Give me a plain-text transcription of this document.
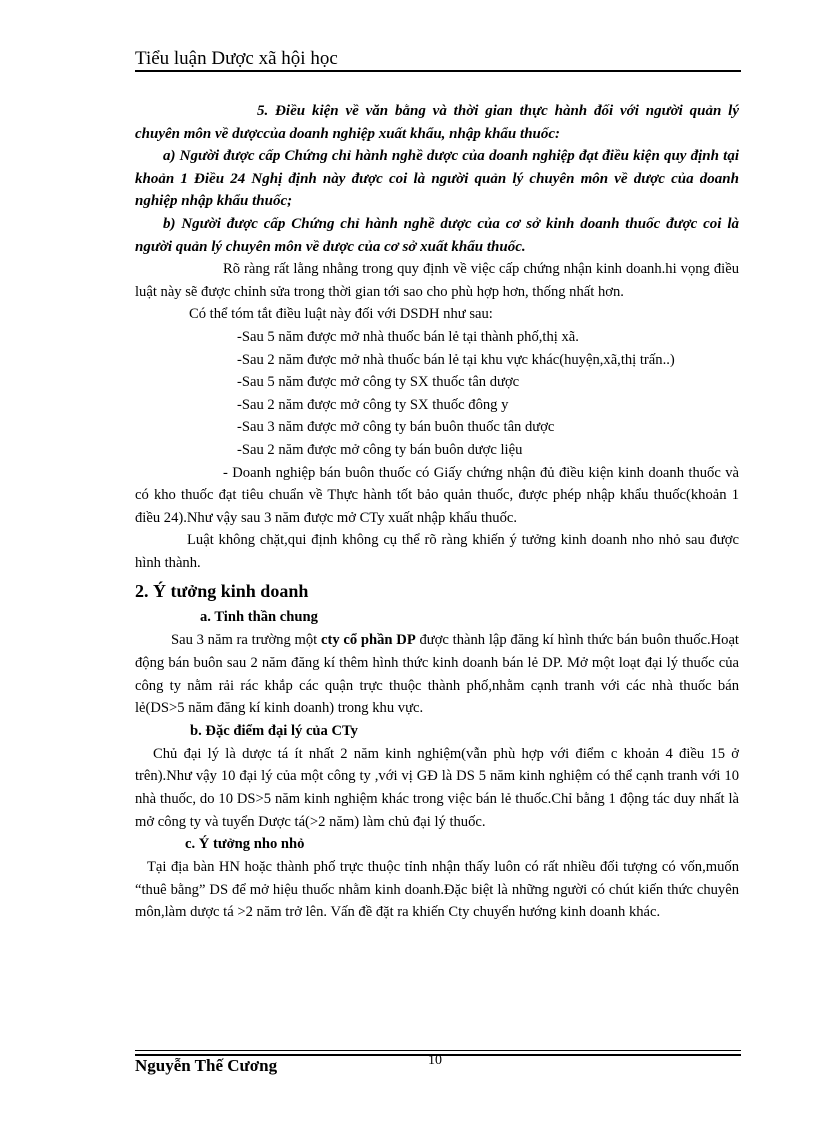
Tiểu luận Dược xã hội học

5. Điều kiện về văn bằng và thời gian thực hành đối với người quản lý chuyên môn về dượccủa doanh nghiệp xuất khẩu, nhập khẩu thuốc:

a) Người được cấp Chứng chỉ hành nghề dược của doanh nghiệp đạt điều kiện quy định tại khoản 1 Điều 24 Nghị định này được coi là người quản lý chuyên môn về dược của doanh nghiệp nhập khẩu thuốc;

b) Người được cấp Chứng chỉ hành nghề dược của cơ sở kinh doanh thuốc được coi là người quản lý chuyên môn về dược của cơ sở xuất khẩu thuốc.

Rõ ràng rất lằng nhằng trong quy định về việc cấp chứng nhận kinh doanh.hi vọng điều luật này sẽ được chỉnh sửa trong thời gian tới sao cho phù hợp hơn, thống nhất hơn.

Có thể tóm tắt điều luật này đối với DSDH như sau:

-Sau 5 năm được mở nhà thuốc bán lẻ tại thành phố,thị xã.

-Sau 2 năm được mở nhà thuốc bán lẻ tại khu vực khác(huyện,xã,thị trấn..)

-Sau 5 năm được mở công ty SX thuốc tân dược

-Sau 2 năm được mở công ty SX thuốc đông y

-Sau 3 năm được mở công ty bán buôn thuốc tân dược

-Sau 2 năm được mở công ty bán buôn dược liệu

- Doanh nghiệp bán buôn thuốc có Giấy chứng nhận đủ điều kiện kinh doanh thuốc và có kho thuốc đạt tiêu chuẩn về Thực hành tốt bảo quản thuốc, được phép nhập khẩu thuốc(khoản 1 điều 24).Như vậy sau 3 năm được mở CTy xuất nhập khẩu thuốc.

Luật không chặt,qui định không cụ thể rõ ràng khiến ý tưởng kinh doanh nho nhỏ sau được hình thành.

2. Ý tưởng kinh doanh

a. Tinh thần chung

Sau 3 năm ra trường một cty cổ phần DP được thành lập đăng kí hình thức bán buôn thuốc.Hoạt động bán buôn sau 2 năm đăng kí thêm hình thức kinh doanh bán lẻ DP. Mở một loạt đại lý thuốc của công ty nằm rải rác khắp các quận trực thuộc thành phố,nhằm cạnh tranh với các nhà thuốc bán lẻ(DS>5 năm đăng kí kinh doanh) trong khu vực.

b. Đặc điểm đại lý của CTy

Chủ đại lý là dược tá ít nhất 2 năm kinh nghiệm(vẫn phù hợp với điểm c khoản 4 điều 15 ở trên).Như vậy 10 đại lý của một công ty ,với vị GĐ là DS 5 năm kinh nghiệm có thể cạnh tranh với 10 nhà thuốc, do 10 DS>5 năm kinh nghiệm khác trong việc bán lẻ thuốc.Chỉ bằng 1 động tác duy nhất là mở công ty và tuyển Dược tá(>2 năm) làm chủ đại lý thuốc.

c. Ý tưởng nho nhỏ

Tại địa bàn HN hoặc thành phố trực thuộc tỉnh nhận thấy luôn có rất nhiều đối tượng có vốn,muốn “thuê bằng” DS để mở hiệu thuốc nhằm kinh doanh.Đặc biệt là những người có chút kiến thức chuyên môn,làm dược tá >2 năm trở lên. Vấn đề đặt ra khiến Cty chuyển hướng kinh doanh khác.

Nguyễn Thế Cương	10
